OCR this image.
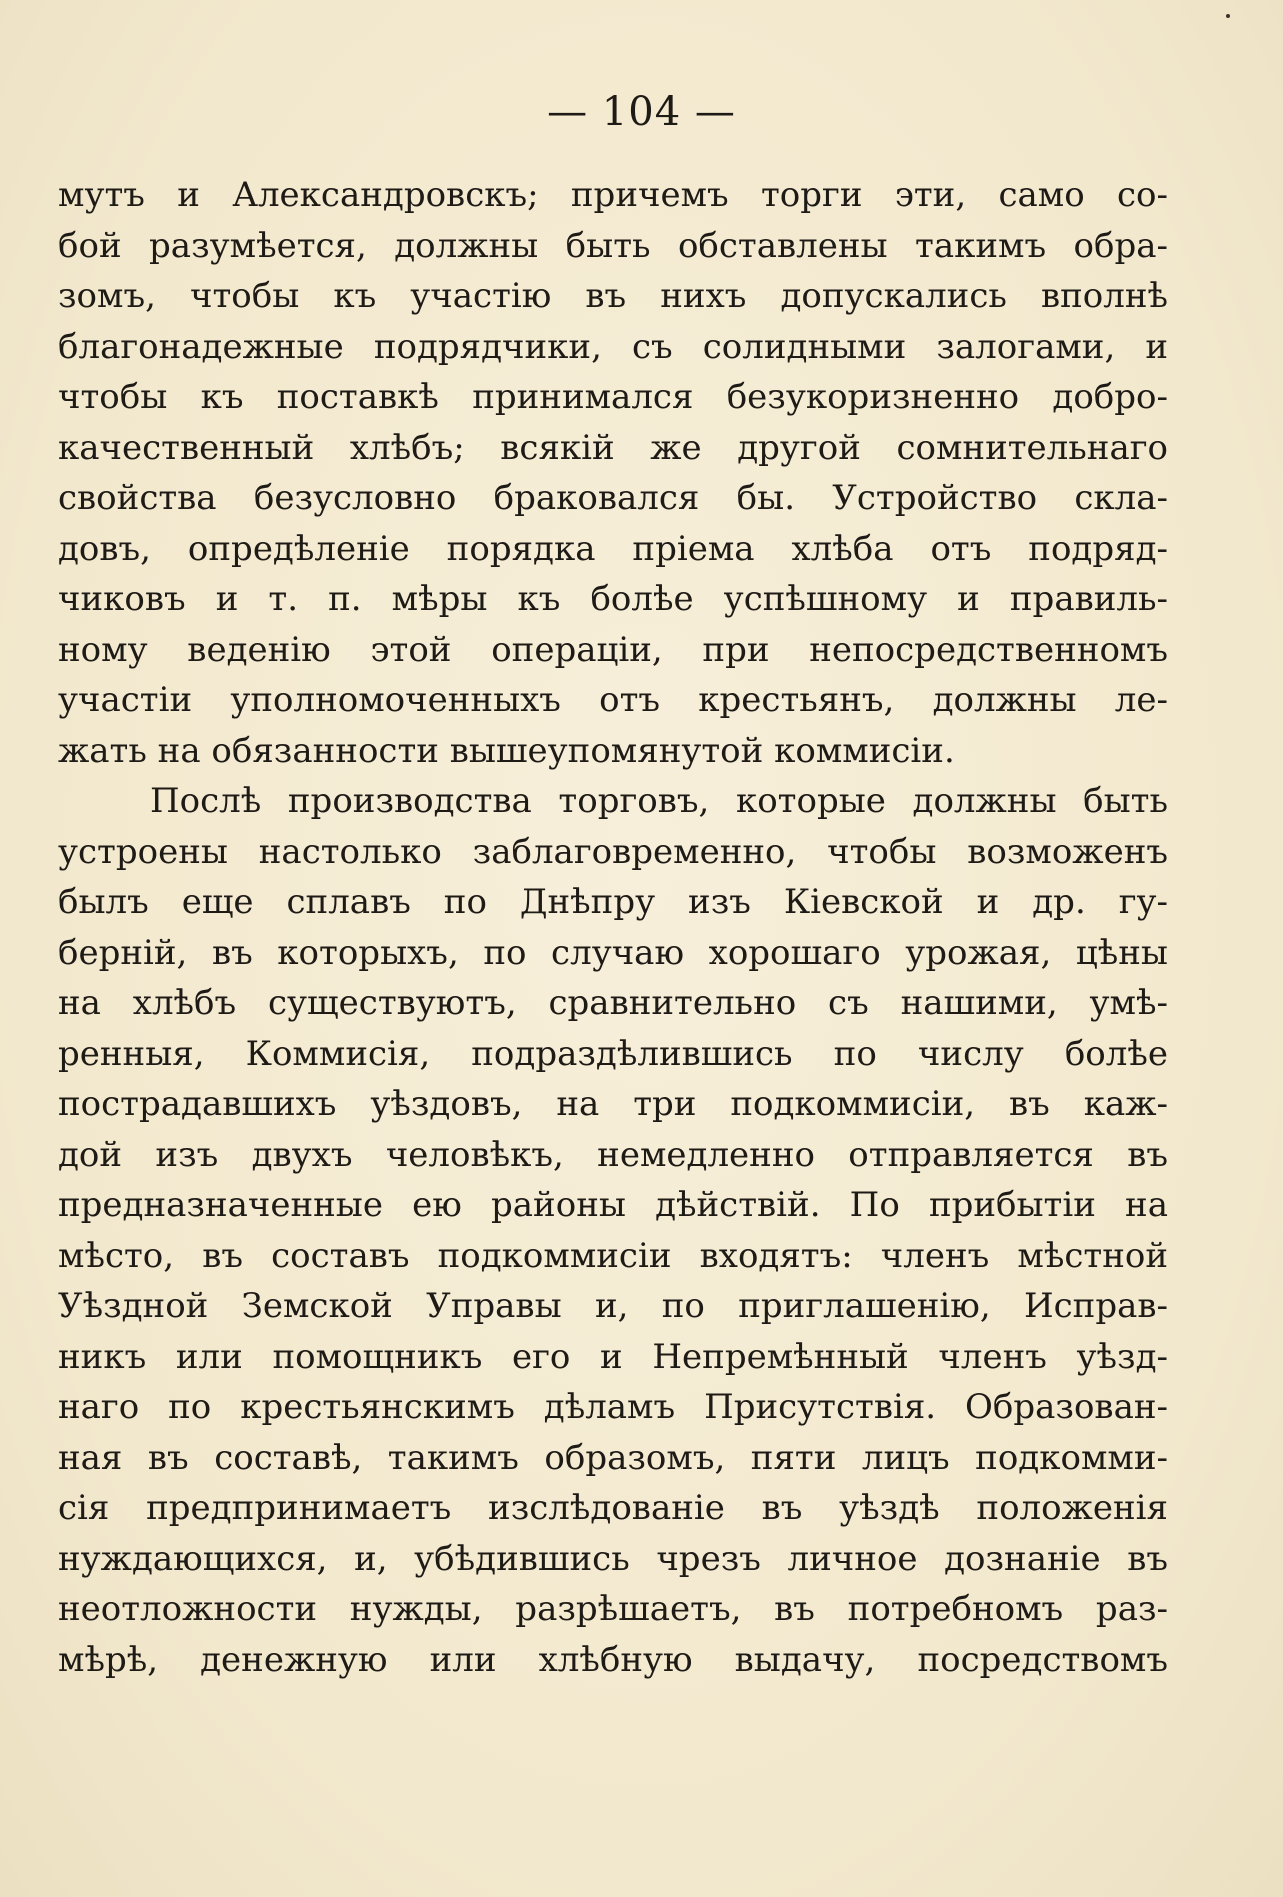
— 104 —
мутъ и Александровскъ; причемъ торги эти, само со-
бой разумѣется, должны быть обставлены такимъ обра-
зомъ, чтобы къ участію въ нихъ допускались вполнѣ
благонадежные подрядчики, съ солидными залогами, и
чтобы къ поставкѣ принимался безукоризненно добро-
качественный хлѣбъ; всякій же другой сомнительнаго
свойства безусловно браковался бы. Устройство скла-
довъ, опредѣленіе порядка пріема хлѣба отъ подряд-
чиковъ и т. п. мѣры къ болѣе успѣшному и правиль-
ному веденію этой операціи, при непосредственномъ
участіи уполномоченныхъ отъ крестьянъ, должны ле-
жать на обязанности вышеупомянутой коммисіи.
Послѣ производства торговъ, которые должны быть
устроены настолько заблаговременно, чтобы возможенъ
былъ еще сплавъ по Днѣпру изъ Кіевской и др. гу-
берній, въ которыхъ, по случаю хорошаго урожая, цѣны
на хлѣбъ существуютъ, сравнительно съ нашими, умѣ-
ренныя, Коммисія, подраздѣлившись по числу болѣе
пострадавшихъ уѣздовъ, на три подкоммисіи, въ каж-
дой изъ двухъ человѣкъ, немедленно отправляется въ
предназначенные ею районы дѣйствій. По прибытіи на
мѣсто, въ составъ подкоммисіи входятъ: членъ мѣстной
Уѣздной Земской Управы и, по приглашенію, Исправ-
никъ или помощникъ его и Непремѣнный членъ уѣзд-
наго по крестьянскимъ дѣламъ Присутствія. Образован-
ная въ составѣ, такимъ образомъ, пяти лицъ подкомми-
сія предпринимаетъ изслѣдованіе въ уѣздѣ положенія
нуждающихся, и, убѣдившись чрезъ личное дознаніе въ
неотложности нужды, разрѣшаетъ, въ потребномъ раз-
мѣрѣ, денежную или хлѣбную выдачу, посредствомъ
